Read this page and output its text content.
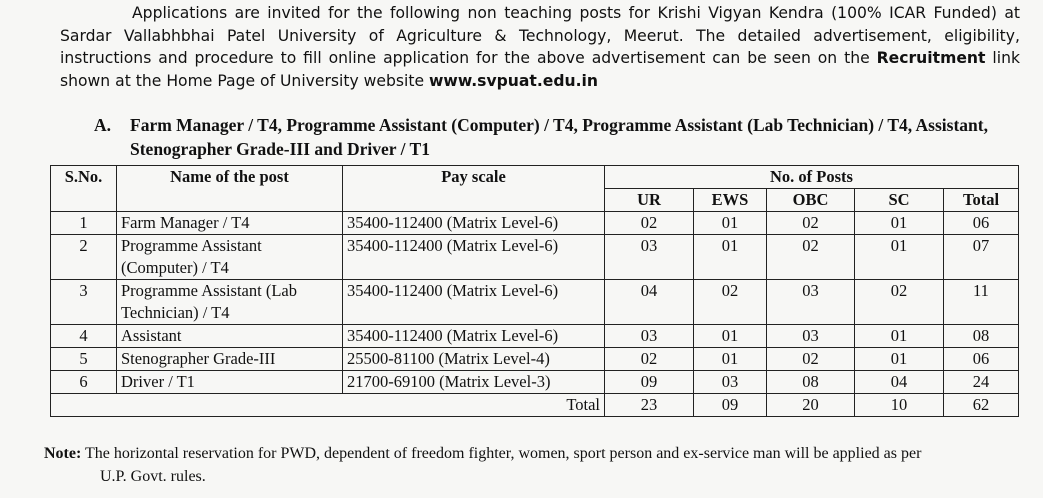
Applications are invited for the following non teaching posts for Krishi Vigyan Kendra (100% ICAR Funded) at Sardar Vallabhbhai Patel University of Agriculture & Technology, Meerut. The detailed advertisement, eligibility, instructions and procedure to fill online application for the above advertisement can be seen on the Recruitment link shown at the Home Page of University website www.svpuat.edu.in

A.	Farm Manager / T4, Programme Assistant (Computer) / T4, Programme Assistant (Lab Technician) / T4, Assistant, Stenographer Grade-III and Driver / T1
S.No.	Name of the post	Pay scale	No. of Posts				
			UR	EWS	OBC	SC	Total
1	Farm Manager / T4	35400-112400 (Matrix Level-6)	02	01	02	01	06
2	Programme Assistant (Computer) / T4	35400-112400 (Matrix Level-6)	03	01	02	01	07
3	Programme Assistant (Lab Technician) / T4	35400-112400 (Matrix Level-6)	04	02	03	02	11
4	Assistant	35400-112400 (Matrix Level-6)	03	01	03	01	08
5	Stenographer Grade-III	25500-81100 (Matrix Level-4)	02	01	02	01	06
6	Driver / T1	21700-69100 (Matrix Level-3)	09	03	08	04	24
Total			23	09	20	10	62

Note: The horizontal reservation for PWD, dependent of freedom fighter, women, sport person and ex-service man will be applied as per
U.P. Govt. rules.
